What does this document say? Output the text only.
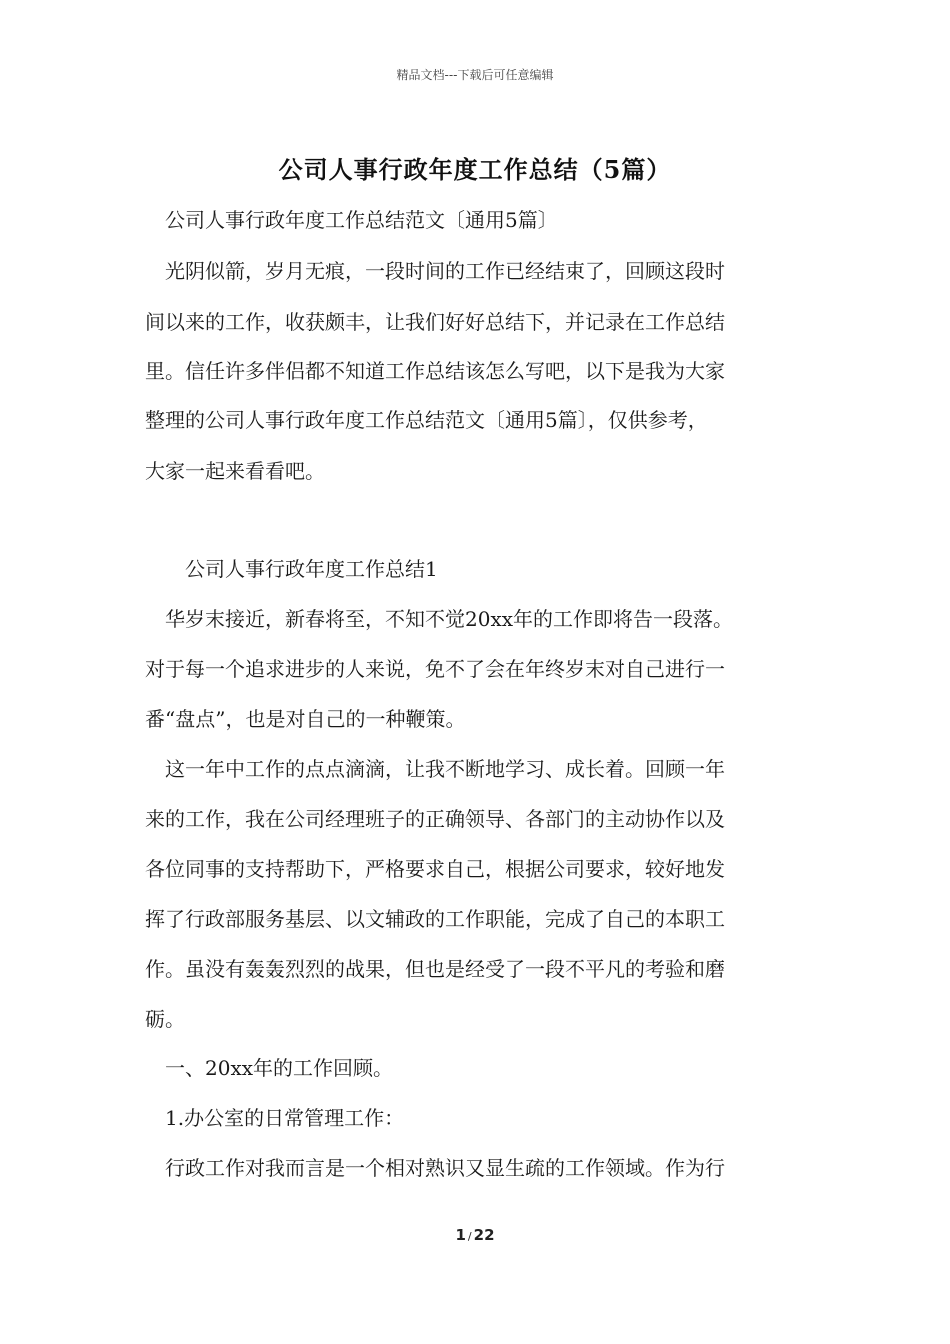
精品文档---下载后可任意编辑
公司人事行政年度工作总结（5篇）
　公司人事行政年度工作总结范文〔通用5篇〕
　光阴似箭，岁月无痕，一段时间的工作已经结束了，回顾这段时
间以来的工作，收获颇丰，让我们好好总结下，并记录在工作总结
里。信任许多伴侣都不知道工作总结该怎么写吧，以下是我为大家
整理的公司人事行政年度工作总结范文〔通用5篇〕，仅供参考，
大家一起来看看吧。
　　公司人事行政年度工作总结1
　华岁末接近，新春将至，不知不觉20xx年的工作即将告一段落。
对于每一个追求进步的人来说，免不了会在年终岁末对自己进行一
番“盘点”，也是对自己的一种鞭策。
　这一年中工作的点点滴滴，让我不断地学习、成长着。回顾一年
来的工作，我在公司经理班子的正确领导、各部门的主动协作以及
各位同事的支持帮助下，严格要求自己，根据公司要求，较好地发
挥了行政部服务基层、以文辅政的工作职能，完成了自己的本职工
作。虽没有轰轰烈烈的战果，但也是经受了一段不平凡的考验和磨
砺。
　一、20xx年的工作回顾。
　1.办公室的日常管理工作：
　行政工作对我而言是一个相对熟识又显生疏的工作领域。作为行
1 / 22
